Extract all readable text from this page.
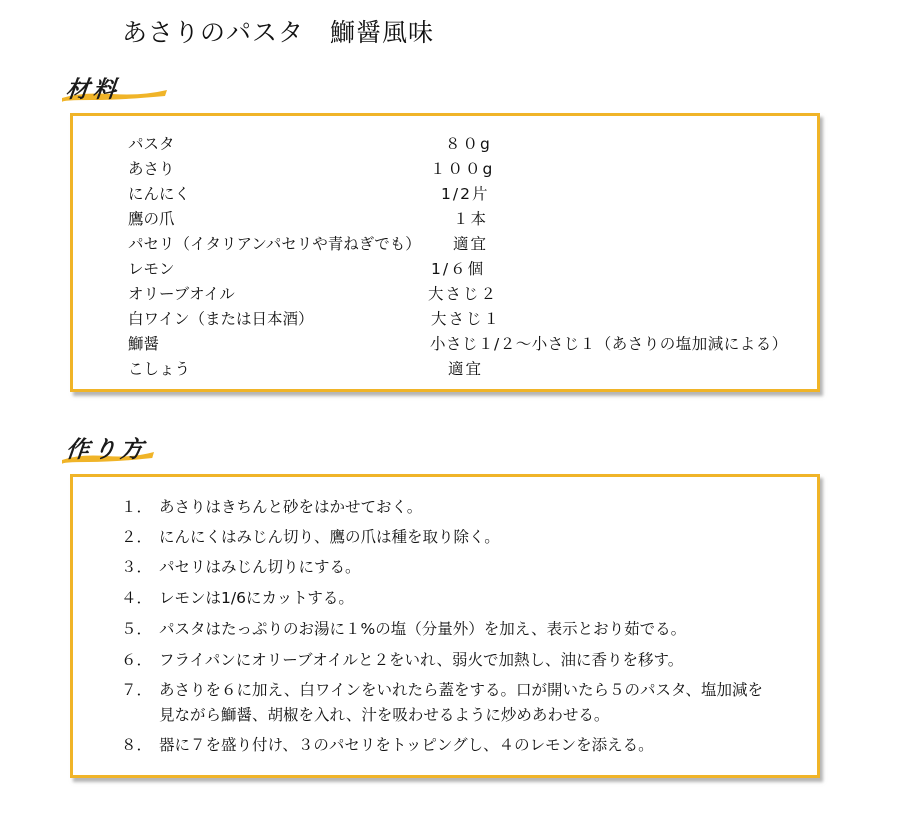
あさりのパスタ　鰤醤風味
材料
パスタ	８０g
あさり	１００g
にんにく	1/2片
鷹の爪	１本
パセリ（イタリアンパセリや青ねぎでも） 適宜
レモン	1/６個
オリーブオイル	大さじ２
白ワイン（または日本酒）	大さじ１
鰤醤	小さじ１/２～小さじ１（あさりの塩加減による）
こしょう	適宜
作り方
１． あさりはきちんと砂をはかせておく。
２． にんにくはみじん切り、鷹の爪は種を取り除く。
３． パセリはみじん切りにする。
４． レモンは1/6にカットする。
５． パスタはたっぷりのお湯に１%の塩（分量外）を加え、表示とおり茹でる。
６． フライパンにオリーブオイルと２をいれ、弱火で加熱し、油に香りを移す。
７． あさりを６に加え、白ワインをいれたら蓋をする。口が開いたら５のパスタ、塩加減を
見ながら鰤醤、胡椒を入れ、汁を吸わせるように炒めあわせる。
８． 器に７を盛り付け、３のパセリをトッピングし、４のレモンを添える。
